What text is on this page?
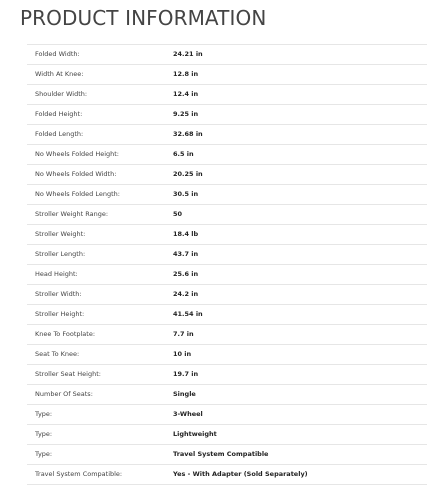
PRODUCT INFORMATION
Folded Width:	24.21 in
Width At Knee:	12.8 in
Shoulder Width:	12.4 in
Folded Height:	9.25 in
Folded Length:	32.68 in
No Wheels Folded Height:	6.5 in
No Wheels Folded Width:	20.25 in
No Wheels Folded Length:	30.5 in
Stroller Weight Range:	50
Stroller Weight:	18.4 lb
Stroller Length:	43.7 in
Head Height:	25.6 in
Stroller Width:	24.2 in
Stroller Height:	41.54 in
Knee To Footplate:	7.7 in
Seat To Knee:	10 in
Stroller Seat Height:	19.7 in
Number Of Seats:	Single
Type:	3-Wheel
Type:	Lightweight
Type:	Travel System Compatible
Travel System Compatible:	Yes - With Adapter (Sold Separately)
